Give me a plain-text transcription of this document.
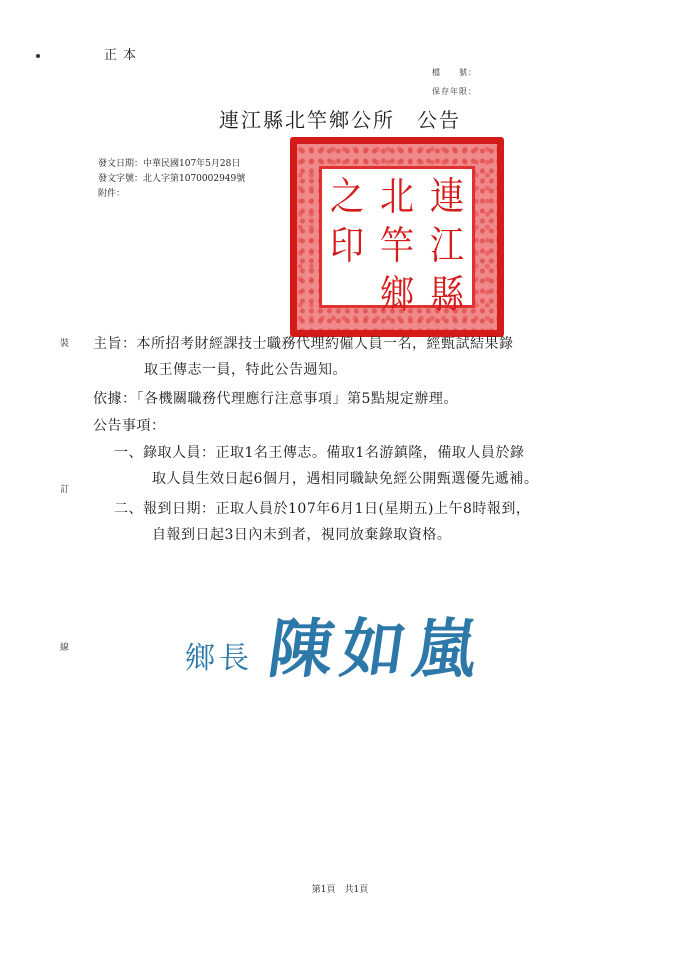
正本

檔　　號：

保存年限：

連江縣北竿鄉公所　公告

發文日期：中華民國107年5月28日

發文字號：北人字第1070002949號

附件：	之 北 連
印 竿 江
鄉 縣
裝
訂
線

主旨：本所招考財經課技士職務代理約僱人員一名，經甄試結果錄

取王傳志一員，特此公告週知。

依據：「各機關職務代理應行注意事項」第5點規定辦理。

公告事項：

一、錄取人員：正取1名王傳志。備取1名游鎮隆，備取人員於錄

取人員生效日起6個月，遇相同職缺免經公開甄選優先遞補。

二、報到日期：正取人員於107年6月1日(星期五)上午8時報到，

自報到日起3日內未到者，視同放棄錄取資格。

鄉長 陳如嵐

第1頁　共1頁
